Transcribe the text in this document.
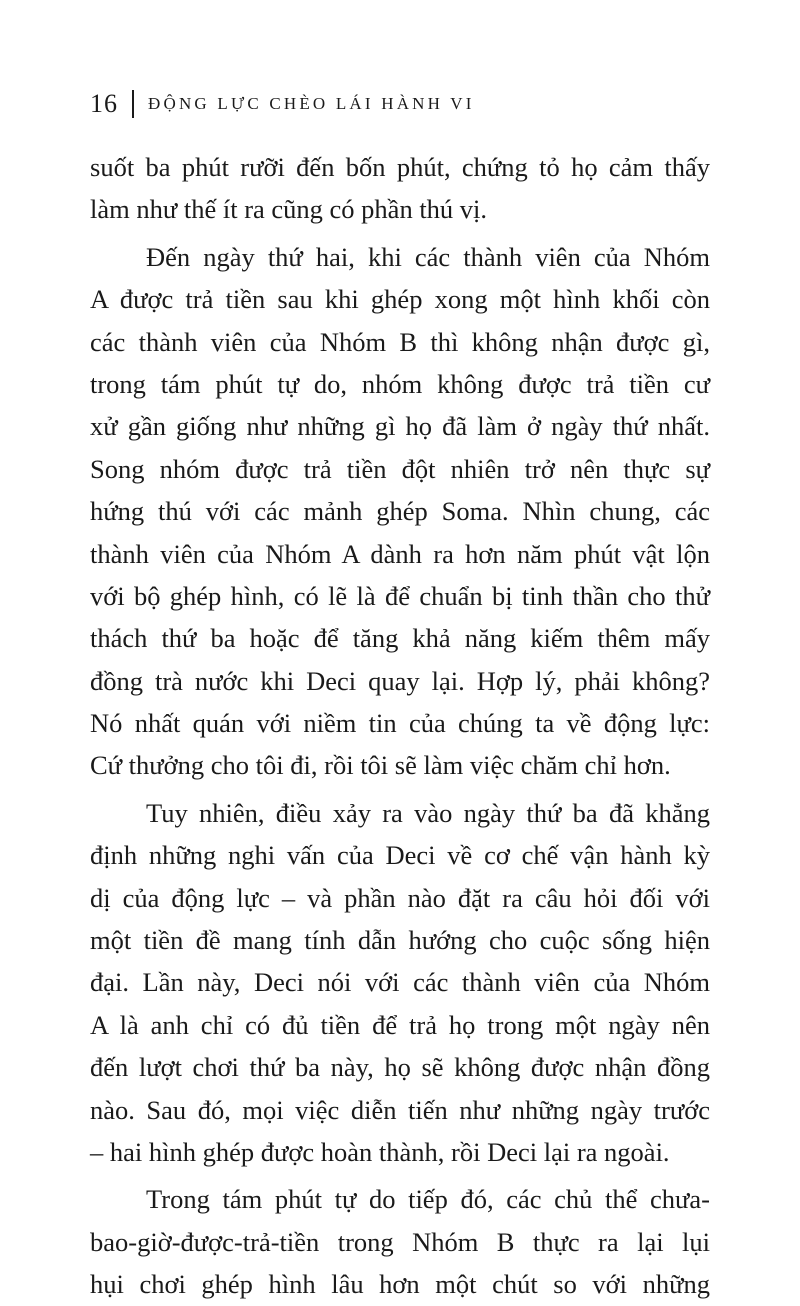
16 ĐỘNG LỰC CHÈO LÁI HÀNH VI
suốt ba phút rưỡi đến bốn phút, chứng tỏ họ cảm thấy
làm như thế ít ra cũng có phần thú vị.
Đến ngày thứ hai, khi các thành viên của Nhóm
A được trả tiền sau khi ghép xong một hình khối còn
các thành viên của Nhóm B thì không nhận được gì,
trong tám phút tự do, nhóm không được trả tiền cư
xử gần giống như những gì họ đã làm ở ngày thứ nhất.
Song nhóm được trả tiền đột nhiên trở nên thực sự
hứng thú với các mảnh ghép Soma. Nhìn chung, các
thành viên của Nhóm A dành ra hơn năm phút vật lộn
với bộ ghép hình, có lẽ là để chuẩn bị tinh thần cho thử
thách thứ ba hoặc để tăng khả năng kiếm thêm mấy
đồng trà nước khi Deci quay lại. Hợp lý, phải không?
Nó nhất quán với niềm tin của chúng ta về động lực:
Cứ thưởng cho tôi đi, rồi tôi sẽ làm việc chăm chỉ hơn.
Tuy nhiên, điều xảy ra vào ngày thứ ba đã khẳng
định những nghi vấn của Deci về cơ chế vận hành kỳ
dị của động lực – và phần nào đặt ra câu hỏi đối với
một tiền đề mang tính dẫn hướng cho cuộc sống hiện
đại. Lần này, Deci nói với các thành viên của Nhóm
A là anh chỉ có đủ tiền để trả họ trong một ngày nên
đến lượt chơi thứ ba này, họ sẽ không được nhận đồng
nào. Sau đó, mọi việc diễn tiến như những ngày trước
– hai hình ghép được hoàn thành, rồi Deci lại ra ngoài.
Trong tám phút tự do tiếp đó, các chủ thể chưa-
bao-giờ-được-trả-tiền trong Nhóm B thực ra lại lụi
hụi chơi ghép hình lâu hơn một chút so với những
